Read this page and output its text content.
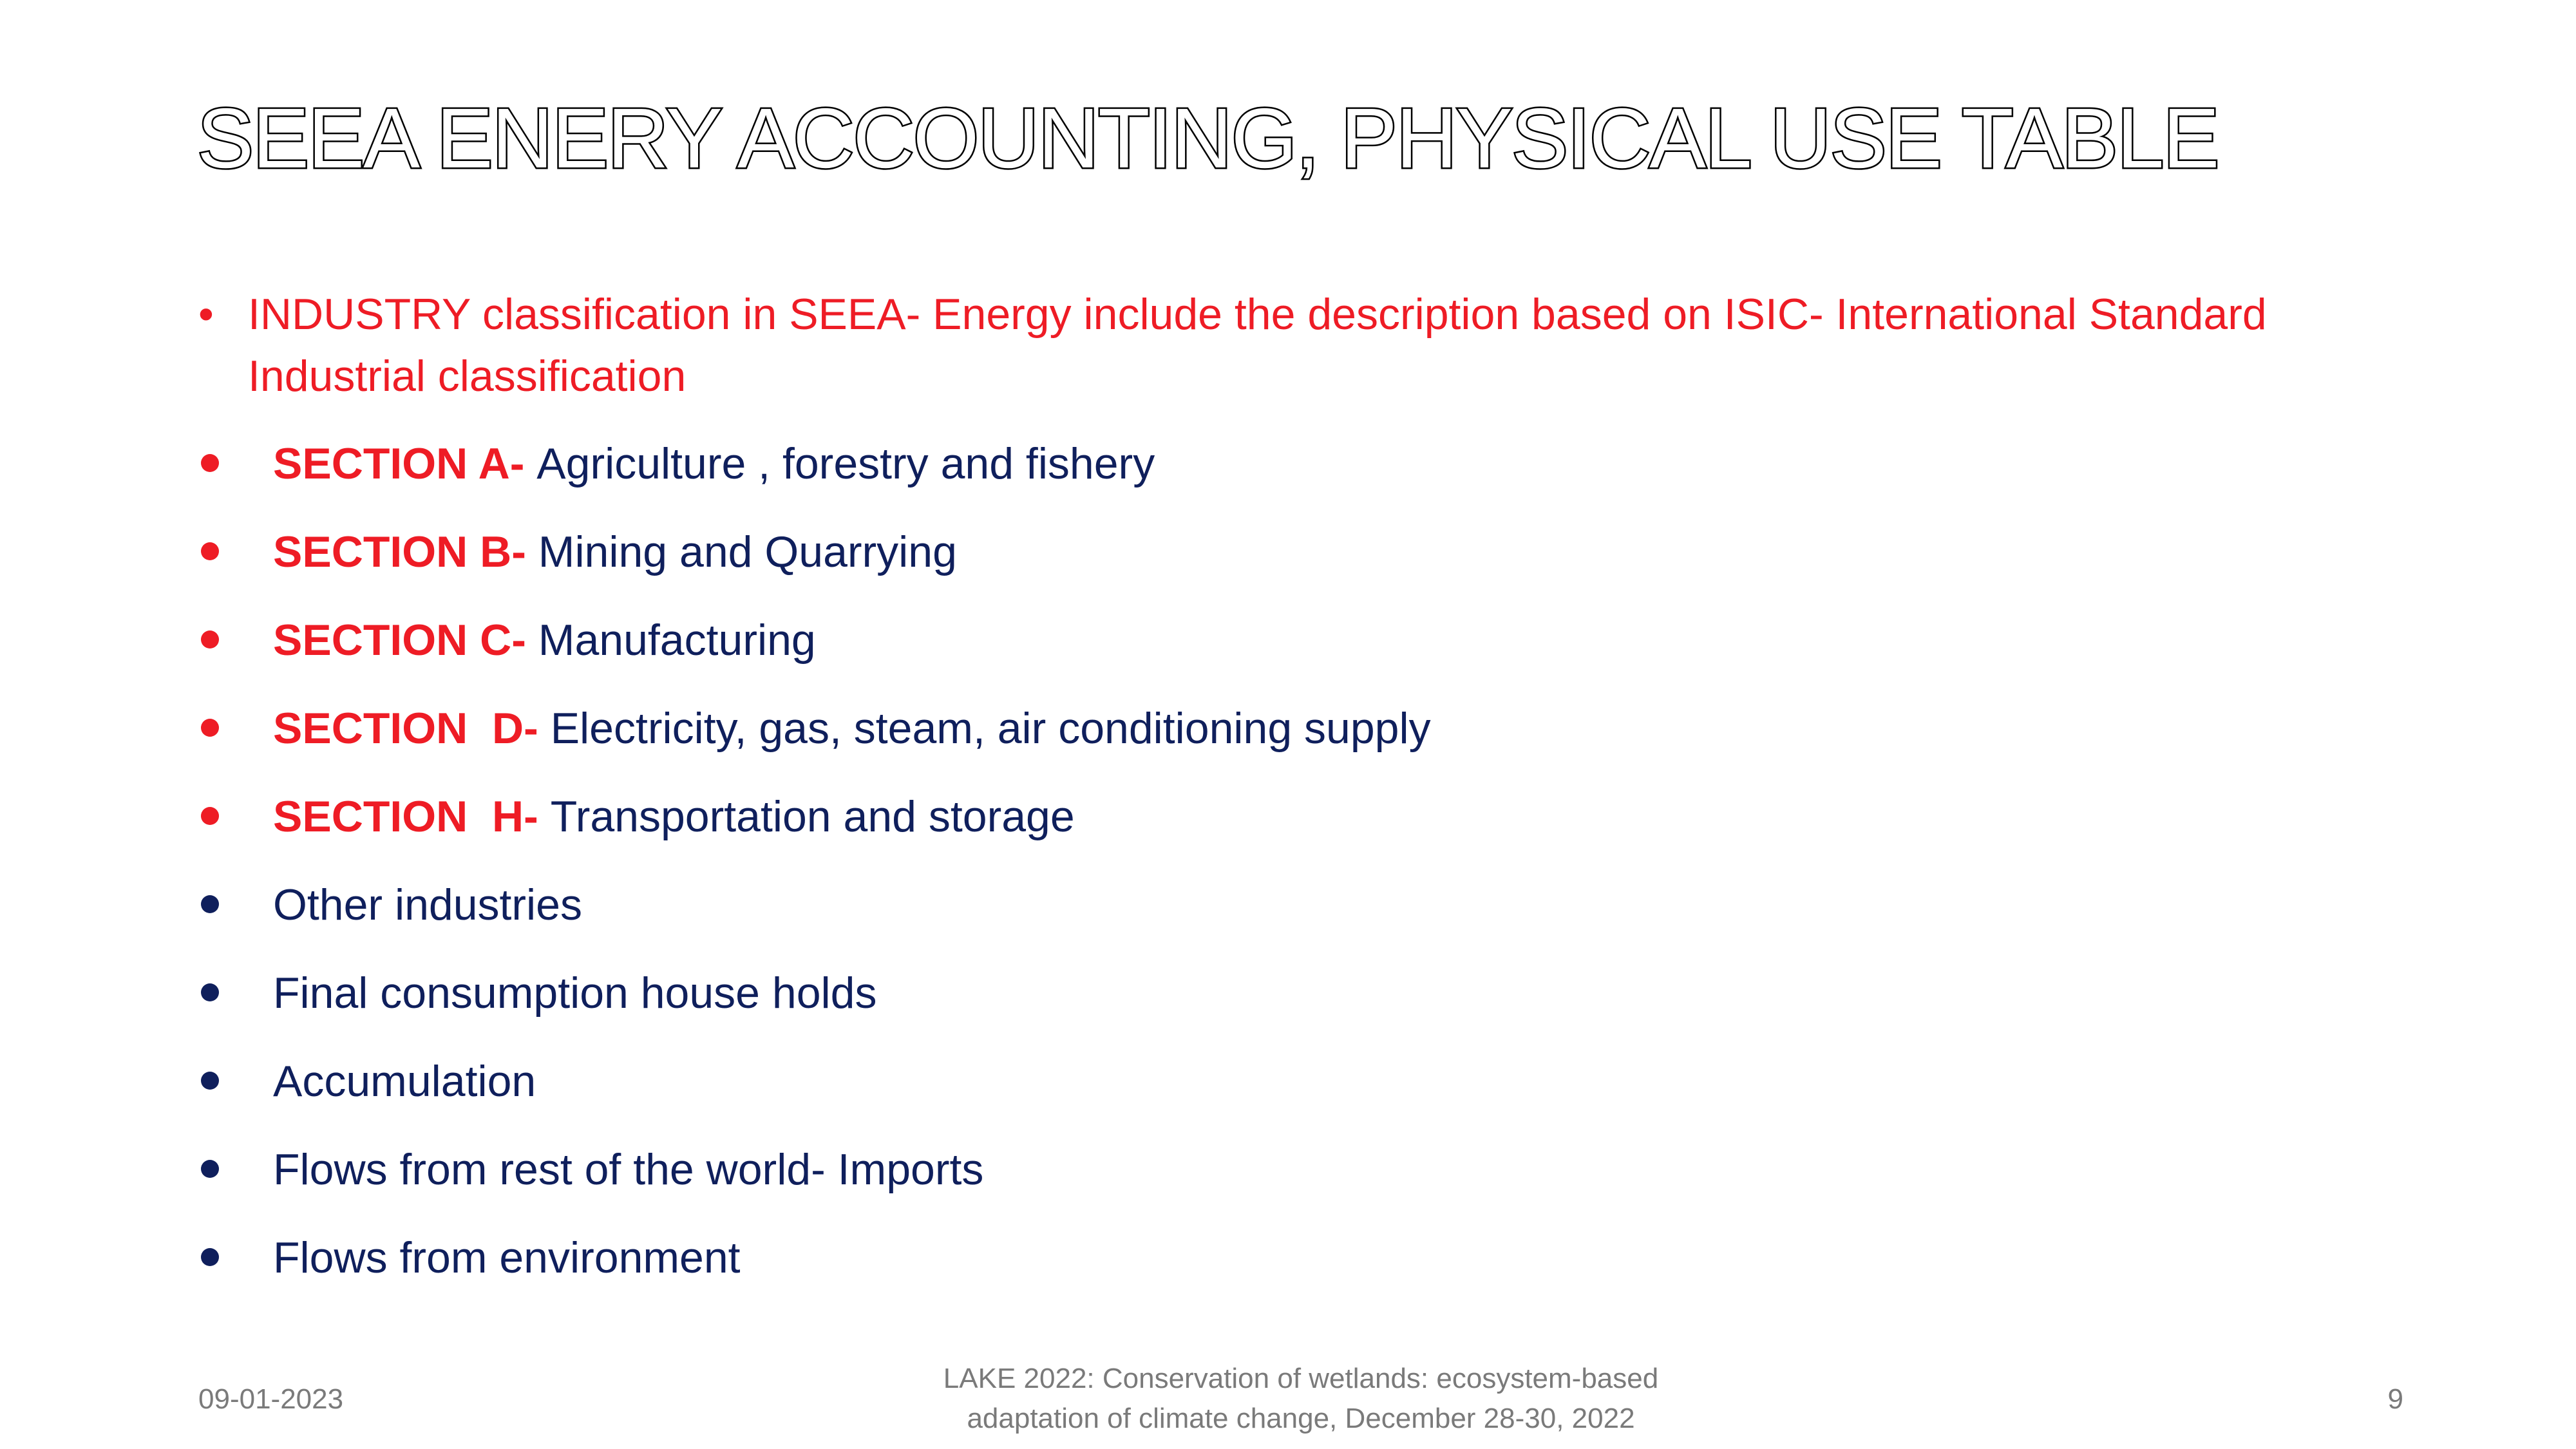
SEEA ENERY ACCOUNTING, PHYSICAL USE TABLE
• INDUSTRY classification in SEEA- Energy include the description based on ISIC- International Standard Industrial classification
SECTION A- Agriculture , forestry and fishery
SECTION B- Mining and Quarrying
SECTION C- Manufacturing
SECTION  D- Electricity, gas, steam, air conditioning supply
SECTION  H- Transportation and storage
Other industries
Final consumption house holds
Accumulation
Flows from rest of the world- Imports
Flows from environment
09-01-2023
LAKE 2022: Conservation of wetlands: ecosystem-based
adaptation of climate change, December 28-30, 2022
9
